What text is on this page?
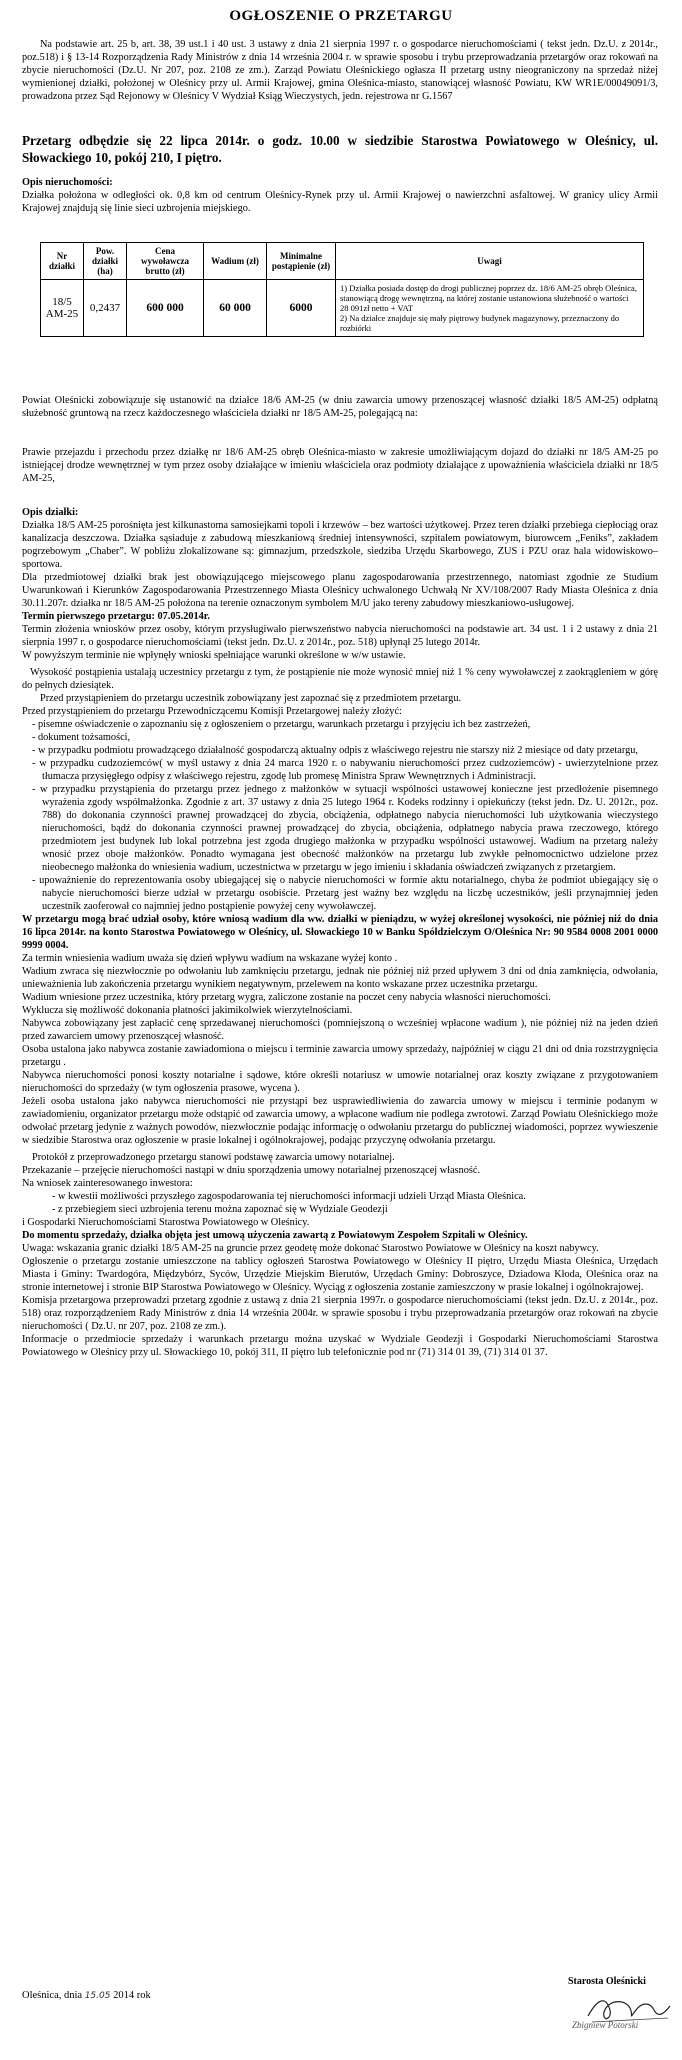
OGŁOSZENIE O PRZETARGU
Na podstawie art. 25 b, art. 38, 39 ust.1 i 40 ust. 3 ustawy z dnia 21 sierpnia 1997 r. o gospodarce nieruchomościami ( tekst jedn. Dz.U. z 2014r., poz.518) i § 13-14 Rozporządzenia Rady Ministrów z dnia 14 września 2004 r. w sprawie sposobu i trybu przeprowadzania przetargów oraz rokowań na zbycie nieruchomości (Dz.U. Nr 207, poz. 2108 ze zm.). Zarząd Powiatu Oleśnickiego ogłasza II przetarg ustny nieograniczony na sprzedaż niżej wymienionej działki, położonej w Oleśnicy przy ul. Armii Krajowej, gmina Oleśnica-miasto, stanowiącej własność Powiatu, KW WR1E/00049091/3, prowadzona przez Sąd Rejonowy w Oleśnicy V Wydział Ksiąg Wieczystych, jedn. rejestrowa nr G.1567
Przetarg odbędzie się 22 lipca 2014r. o godz. 10.00 w siedzibie Starostwa Powiatowego w Oleśnicy, ul. Słowackiego 10, pokój 210, I piętro.
Opis nieruchomości:
Działka położona w odległości ok. 0,8 km od centrum Oleśnicy-Rynek przy ul. Armii Krajowej o nawierzchni asfaltowej. W granicy ulicy Armii Krajowej znajdują się linie sieci uzbrojenia miejskiego.
Nr działki	Pow. działki (ha)	Cena wywoławcza brutto (zł)	Wadium (zł)	Minimalne postąpienie (zł)	Uwagi
18/5 AM-25	0,2437	600 000	60 000	6000	1) Działka posiada dostęp do drogi publicznej poprzez dz. 18/6 AM-25 obręb Oleśnica, stanowiącą drogę wewnętrzną, na której zostanie ustanowiona służebność o wartości 28 091zł netto + VAT
2) Na działce znajduje się mały piętrowy budynek magazynowy, przeznaczony do rozbiórki
Powiat Oleśnicki zobowiązuje się ustanowić na działce 18/6 AM-25 (w dniu zawarcia umowy przenoszącej własność działki 18/5 AM-25) odpłatną służebność gruntową na rzecz każdoczesnego właściciela działki nr 18/5 AM-25, polegającą na:
Prawie przejazdu i przechodu przez działkę nr 18/6 AM-25 obręb Oleśnica-miasto w zakresie umożliwiającym dojazd do działki nr 18/5 AM-25 po istniejącej drodze wewnętrznej w tym przez osoby działające w imieniu właściciela oraz podmioty działające z upoważnienia właściciela działki nr 18/5 AM-25,
Opis działki:
Działka 18/5 AM-25 porośnięta jest kilkunastoma samosiejkami topoli i krzewów – bez wartości użytkowej. Przez teren działki przebiega ciepłociąg oraz kanalizacja deszczowa. Działka sąsiaduje z zabudową mieszkaniową średniej intensywności, szpitalem powiatowym, biurowcem „Feniks”, zakładem pogrzebowym „Chaber”. W pobliżu zlokalizowane są: gimnazjum, przedszkole, siedziba Urzędu Skarbowego, ZUS i PZU oraz hala widowiskowo–sportowa.
Dla przedmiotowej działki brak jest obowiązującego miejscowego planu zagospodarowania przestrzennego, natomiast zgodnie ze Studium Uwarunkowań i Kierunków Zagospodarowania Przestrzennego Miasta Oleśnicy uchwalonego Uchwałą Nr XV/108/2007 Rady Miasta Oleśnica z dnia 30.11.207r. działka nr 18/5 AM-25 położona na terenie oznaczonym symbolem M/U jako tereny zabudowy mieszkaniowo-usługowej.
Termin pierwszego przetargu: 07.05.2014r.
Termin złożenia wniosków przez osoby, którym przysługiwało pierwszeństwo nabycia nieruchomości na podstawie art. 34 ust. 1 i 2 ustawy z dnia 21 sierpnia 1997 r. o gospodarce nieruchomościami (tekst jedn. Dz.U. z 2014r., poz. 518) upłynął 25 lutego 2014r.
W powyższym terminie nie wpłynęły wnioski spełniające warunki określone w w/w ustawie.
Wysokość postąpienia ustalają uczestnicy przetargu z tym, że postąpienie nie może wynosić mniej niż 1 % ceny wywoławczej z zaokrągleniem w górę do pełnych dziesiątek.
Przed przystąpieniem do przetargu uczestnik zobowiązany jest zapoznać się z przedmiotem przetargu.
Przed przystąpieniem do przetargu Przewodniczącemu Komisji Przetargowej należy złożyć:
- pisemne oświadczenie o zapoznaniu się z ogłoszeniem o przetargu, warunkach przetargu i przyjęciu ich bez zastrzeżeń,
- dokument tożsamości,
- w przypadku podmiotu prowadzącego działalność gospodarczą aktualny odpis z właściwego rejestru nie starszy niż 2 miesiące od daty przetargu,
- w przypadku cudzoziemców( w myśl ustawy z dnia 24 marca 1920 r. o nabywaniu nieruchomości przez cudzoziemców) - uwierzytelnione przez tłumacza przysięgłego odpisy z właściwego rejestru, zgodę lub promesę Ministra Spraw Wewnętrznych i Administracji.
- w przypadku przystąpienia do przetargu przez jednego z małżonków w sytuacji wspólności ustawowej konieczne jest przedłożenie pisemnego wyrażenia zgody współmałżonka. Zgodnie z art. 37 ustawy z dnia 25 lutego 1964 r. Kodeks rodzinny i opiekuńczy (tekst jedn. Dz. U. 2012r., poz. 788) do dokonania czynności prawnej prowadzącej do zbycia, obciążenia, odpłatnego nabycia nieruchomości lub użytkowania wieczystego nieruchomości, bądź do dokonania czynności prawnej prowadzącej do zbycia, obciążenia, odpłatnego nabycia prawa rzeczowego, którego przedmiotem jest budynek lub lokal potrzebna jest zgoda drugiego małżonka w przypadku wspólności ustawowej. Wadium na przetarg należy wnosić przez oboje małżonków. Ponadto wymagana jest obecność małżonków na przetargu lub zwykłe pełnomocnictwo udzielone przez nieobecnego małżonka do wniesienia wadium, uczestnictwa w przetargu w jego imieniu i składania oświadczeń związanych z przetargiem.
- upoważnienie do reprezentowania osoby ubiegającej się o nabycie nieruchomości w formie aktu notarialnego, chyba że podmiot ubiegający się o nabycie nieruchomości bierze udział w przetargu osobiście. Przetarg jest ważny bez względu na liczbę uczestników, jeśli przynajmniej jeden uczestnik zaoferował co najmniej jedno postąpienie powyżej ceny wywoławczej.
W przetargu mogą brać udział osoby, które wniosą wadium dla ww. działki w pieniądzu, w wyżej określonej wysokości, nie później niż do dnia 16 lipca 2014r. na konto Starostwa Powiatowego w Oleśnicy, ul. Słowackiego 10 w Banku Spółdzielczym O/Oleśnica Nr: 90 9584 0008 2001 0000 9999 0004.
Za termin wniesienia wadium uważa się dzień wpływu wadium na wskazane wyżej konto .
Wadium zwraca się niezwłocznie po odwołaniu lub zamknięciu przetargu, jednak nie później niż przed upływem 3 dni od dnia zamknięcia, odwołania, unieważnienia lub zakończenia przetargu wynikiem negatywnym, przelewem na konto wskazane przez uczestnika przetargu.
Wadium wniesione przez uczestnika, który przetarg wygra, zaliczone zostanie na poczet ceny nabycia własności nieruchomości.
Wyklucza się możliwość dokonania płatności jakimikolwiek wierzytelnościami.
Nabywca zobowiązany jest zapłacić cenę sprzedawanej nieruchomości (pomniejszoną o wcześniej wpłacone wadium ), nie później niż na jeden dzień przed zawarciem umowy przenoszącej własność.
Osoba ustalona jako nabywca zostanie zawiadomiona o miejscu i terminie zawarcia umowy sprzedaży, najpóźniej w ciągu 21 dni od dnia rozstrzygnięcia przetargu .
Nabywca nieruchomości ponosi koszty notarialne i sądowe, które określi notariusz w umowie notarialnej oraz koszty związane z przygotowaniem nieruchomości do sprzedaży (w tym ogłoszenia prasowe, wycena ).
Jeżeli osoba ustalona jako nabywca nieruchomości nie przystąpi bez usprawiedliwienia do zawarcia umowy w miejscu i terminie podanym w zawiadomieniu, organizator przetargu może odstąpić od zawarcia umowy, a wpłacone wadium nie podlega zwrotowi. Zarząd Powiatu Oleśnickiego może odwołać przetarg jedynie z ważnych powodów, niezwłocznie podając informację o odwołaniu przetargu do publicznej wiadomości, poprzez wywieszenie w siedzibie Starostwa oraz ogłoszenie w prasie lokalnej i ogólnokrajowej, podając przyczynę odwołania przetargu.
Protokół z przeprowadzonego przetargu stanowi podstawę zawarcia umowy notarialnej.
Przekazanie – przejęcie nieruchomości nastąpi w dniu sporządzenia umowy notarialnej przenoszącej własność.
Na wniosek zainteresowanego inwestora:
- w kwestii możliwości przyszłego zagospodarowania tej nieruchomości informacji udzieli Urząd Miasta Oleśnica.
- z przebiegiem sieci uzbrojenia terenu można zapoznać się w Wydziale Geodezji
i Gospodarki Nieruchomościami Starostwa Powiatowego w Oleśnicy.
Do momentu sprzedaży, działka objęta jest umową użyczenia zawartą z Powiatowym Zespołem Szpitali w Oleśnicy.
Uwaga: wskazania granic działki 18/5 AM-25 na gruncie przez geodetę może dokonać Starostwo Powiatowe w Oleśnicy na koszt nabywcy.
Ogłoszenie o przetargu zostanie umieszczone na tablicy ogłoszeń Starostwa Powiatowego w Oleśnicy II piętro, Urzędu Miasta Oleśnica, Urzędach Miasta i Gminy: Twardogóra, Międzybórz, Syców, Urzędzie Miejskim Bierutów, Urzędach Gminy: Dobroszyce, Dziadowa Kłoda, Oleśnica oraz na stronie internetowej i stronie BIP Starostwa Powiatowego w Oleśnicy. Wyciąg z ogłoszenia zostanie zamieszczony w prasie lokalnej i ogólnokrajowej.
Komisja przetargowa przeprowadzi przetarg zgodnie z ustawą z dnia 21 sierpnia 1997r. o gospodarce nieruchomościami (tekst jedn. Dz.U. z 2014r., poz. 518) oraz rozporządzeniem Rady Ministrów z dnia 14 września 2004r. w sprawie sposobu i trybu przeprowadzania przetargów oraz rokowań na zbycie nieruchomości ( Dz.U. nr 207, poz. 2108 ze zm.).
Informacje o przedmiocie sprzedaży i warunkach przetargu można uzyskać w Wydziale Geodezji i Gospodarki Nieruchomościami Starostwa Powiatowego w Oleśnicy przy ul. Słowackiego 10, pokój 311, II piętro lub telefonicznie pod nr (71) 314 01 39, (71) 314 01 37.
Oleśnica, dnia 15.05 2014 rok
Starosta Oleśnicki
Zbigniew Potorski
